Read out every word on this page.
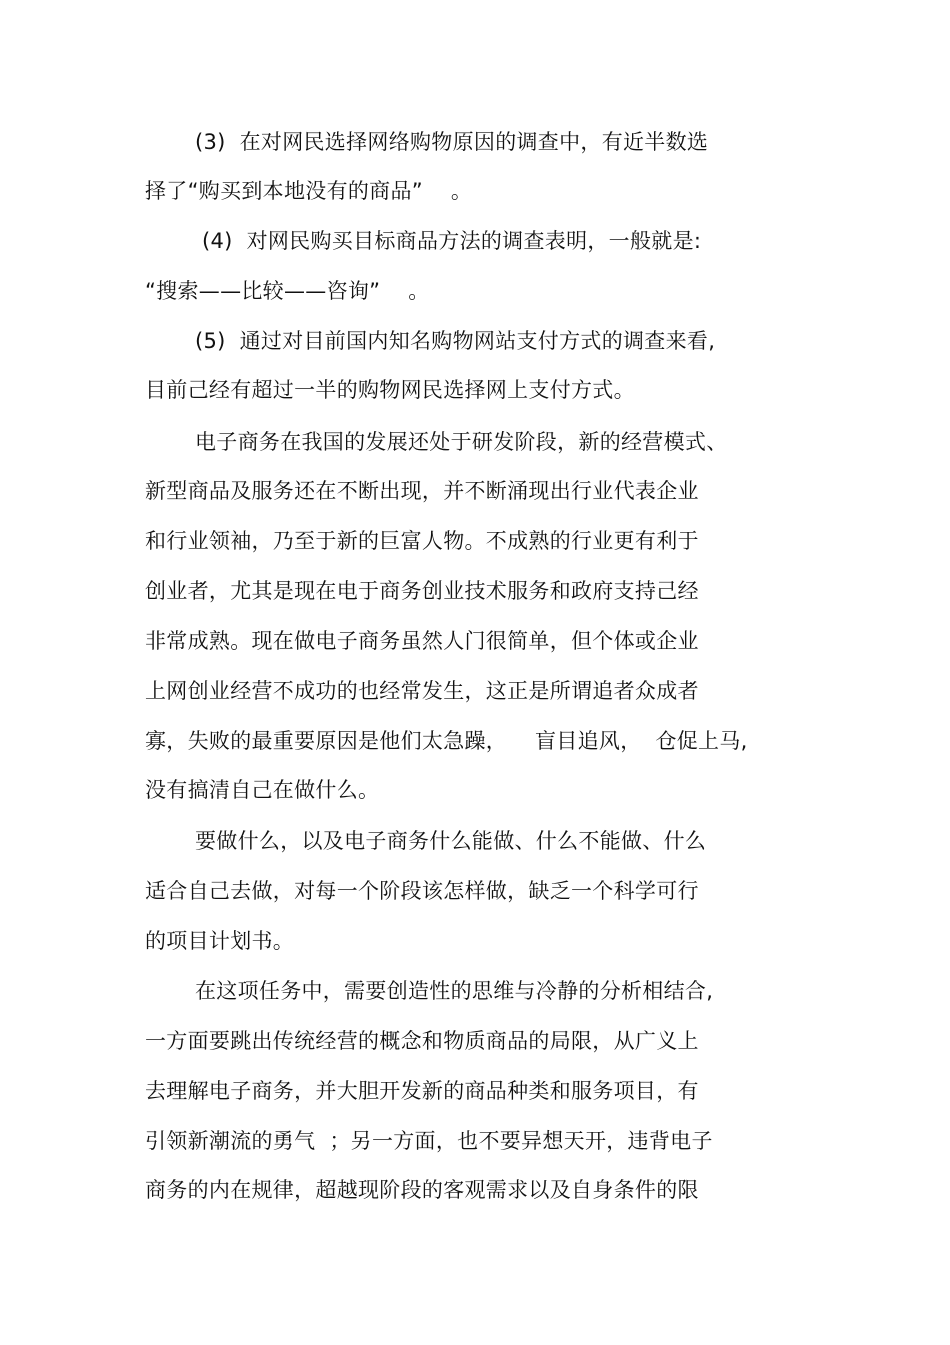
(3)  在对网民选择网络购物原因的调查中，有近半数选
择了“购买到本地没有的商品”    。
(4)  对网民购买目标商品方法的调查表明，一般就是:
“搜索——比较——咨询”    。
(5)  通过对目前国内知名购物网站支付方式的调查来看,
目前己经有超过一半的购物网民选择网上支付方式。
电子商务在我国的发展还处于研发阶段，新的经营模式、
新型商品及服务还在不断出现，并不断涌现出行业代表企业
和行业领袖，乃至于新的巨富人物。不成熟的行业更有利于
创业者，尤其是现在电于商务创业技术服务和政府支持己经
非常成熟。现在做电子商务虽然人门很简单，但个体或企业
上网创业经营不成功的也经常发生，这正是所谓追者众成者
寡，失败的最重要原因是他们太急躁，    盲目追风，  仓促上马,
没有搞清自己在做什么。
要做什么，以及电子商务什么能做、什么不能做、什么
适合自己去做，对每一个阶段该怎样做，缺乏一个科学可行
的项目计划书。
在这项任务中，需要创造性的思维与冷静的分析相结合,
一方面要跳出传统经营的概念和物质商品的局限，从广义上
去理解电子商务，并大胆开发新的商品种类和服务项目，有
引领新潮流的勇气  ；另一方面，也不要异想天开，违背电子
商务的内在规律，超越现阶段的客观需求以及自身条件的限
